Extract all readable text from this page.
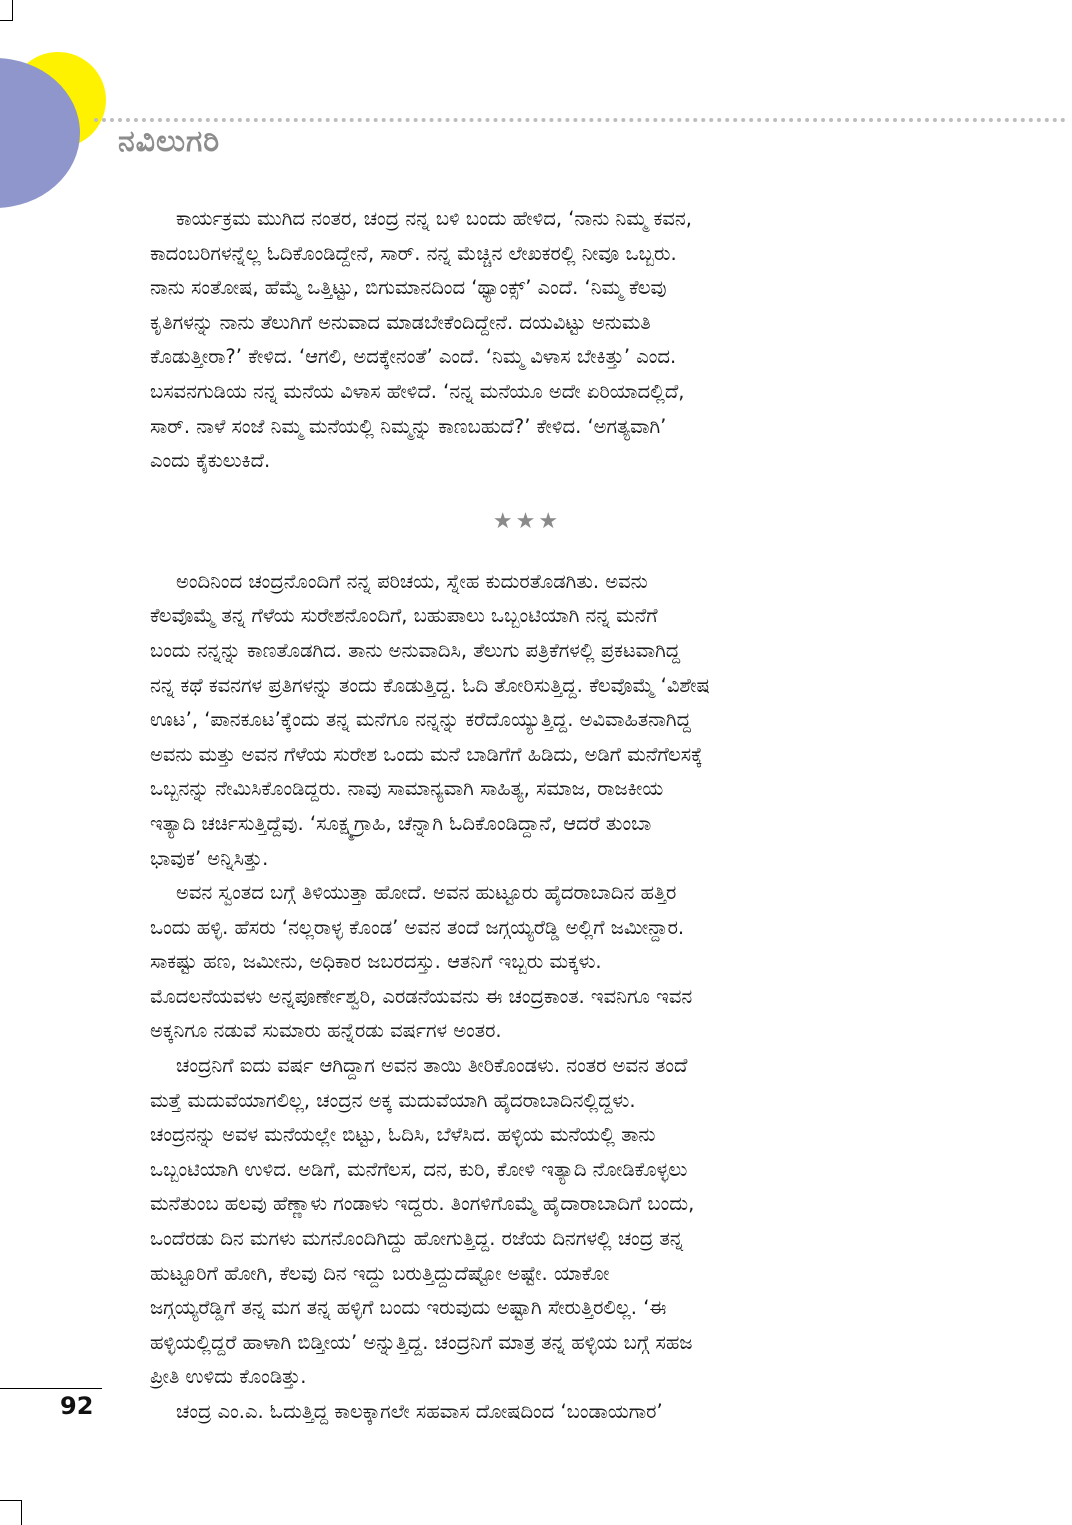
ನವಿಲುಗರಿ
ಕಾರ್ಯಕ್ರಮ ಮುಗಿದ ನಂತರ, ಚಂದ್ರ ನನ್ನ ಬಳಿ ಬಂದು ಹೇಳಿದ, ‘ನಾನು ನಿಮ್ಮ ಕವನ,
ಕಾದಂಬರಿಗಳನ್ನೆಲ್ಲ ಓದಿಕೊಂಡಿದ್ದೇನೆ, ಸಾರ್. ನನ್ನ ಮೆಚ್ಚಿನ ಲೇಖಕರಲ್ಲಿ ನೀವೂ ಒಬ್ಬರು.
ನಾನು ಸಂತೋಷ, ಹೆಮ್ಮೆ ಒತ್ತಿಟ್ಟು, ಬಿಗುಮಾನದಿಂದ ‘ಥ್ಯಾಂಕ್ಸ್’ ಎಂದೆ. ‘ನಿಮ್ಮ ಕೆಲವು
ಕೃತಿಗಳನ್ನು ನಾನು ತೆಲುಗಿಗೆ ಅನುವಾದ ಮಾಡಬೇಕೆಂದಿದ್ದೇನೆ. ದಯವಿಟ್ಟು ಅನುಮತಿ
ಕೊಡುತ್ತೀರಾ?’ ಕೇಳಿದ. ‘ಆಗಲಿ, ಅದಕ್ಕೇನಂತೆ’ ಎಂದೆ. ‘ನಿಮ್ಮ ವಿಳಾಸ ಬೇಕಿತ್ತು’ ಎಂದ.
ಬಸವನಗುಡಿಯ ನನ್ನ ಮನೆಯ ವಿಳಾಸ ಹೇಳಿದೆ. ‘ನನ್ನ ಮನೆಯೂ ಅದೇ ಏರಿಯಾದಲ್ಲಿದೆ,
ಸಾರ್. ನಾಳೆ ಸಂಜೆ ನಿಮ್ಮ ಮನೆಯಲ್ಲಿ ನಿಮ್ಮನ್ನು ಕಾಣಬಹುದೆ?’ ಕೇಳಿದ. ‘ಅಗತ್ಯವಾಗಿ’
ಎಂದು ಕೈಕುಲುಕಿದೆ.
★★★
ಅಂದಿನಿಂದ ಚಂದ್ರನೊಂದಿಗೆ ನನ್ನ ಪರಿಚಯ, ಸ್ನೇಹ ಕುದುರತೊಡಗಿತು. ಅವನು
ಕೆಲವೊಮ್ಮೆ ತನ್ನ ಗೆಳೆಯ ಸುರೇಶನೊಂದಿಗೆ, ಬಹುಪಾಲು ಒಬ್ಬಂಟಿಯಾಗಿ ನನ್ನ ಮನೆಗೆ
ಬಂದು ನನ್ನನ್ನು ಕಾಣತೊಡಗಿದ. ತಾನು ಅನುವಾದಿಸಿ, ತೆಲುಗು ಪತ್ರಿಕೆಗಳಲ್ಲಿ ಪ್ರಕಟವಾಗಿದ್ದ
ನನ್ನ ಕಥೆ ಕವನಗಳ ಪ್ರತಿಗಳನ್ನು ತಂದು ಕೊಡುತ್ತಿದ್ದ. ಓದಿ ತೋರಿಸುತ್ತಿದ್ದ. ಕೆಲವೊಮ್ಮೆ ‘ವಿಶೇಷ
ಊಟ’, ‘ಪಾನಕೂಟ’ಕ್ಕೆಂದು ತನ್ನ ಮನೆಗೂ ನನ್ನನ್ನು ಕರೆದೊಯ್ಯುತ್ತಿದ್ದ. ಅವಿವಾಹಿತನಾಗಿದ್ದ
ಅವನು ಮತ್ತು ಅವನ ಗೆಳೆಯ ಸುರೇಶ ಒಂದು ಮನೆ ಬಾಡಿಗೆಗೆ ಹಿಡಿದು, ಅಡಿಗೆ ಮನೆಗೆಲಸಕ್ಕೆ
ಒಬ್ಬನನ್ನು ನೇಮಿಸಿಕೊಂಡಿದ್ದರು. ನಾವು ಸಾಮಾನ್ಯವಾಗಿ ಸಾಹಿತ್ಯ, ಸಮಾಜ, ರಾಜಕೀಯ
ಇತ್ಯಾದಿ ಚರ್ಚಿಸುತ್ತಿದ್ದೆವು. ‘ಸೂಕ್ಷ್ಮಗ್ರಾಹಿ, ಚೆನ್ನಾಗಿ ಓದಿಕೊಂಡಿದ್ದಾನೆ, ಆದರೆ ತುಂಬಾ
ಭಾವುಕ’ ಅನ್ನಿಸಿತ್ತು.
ಅವನ ಸ್ವಂತದ ಬಗ್ಗೆ ತಿಳಿಯುತ್ತಾ ಹೋದೆ. ಅವನ ಹುಟ್ಟೂರು ಹೈದರಾಬಾದಿನ ಹತ್ತಿರ
ಒಂದು ಹಳ್ಳಿ. ಹೆಸರು ‘ನಲ್ಲರಾಳ್ಳ ಕೊಂಡ’ ಅವನ ತಂದೆ ಜಗ್ಗಯ್ಯರೆಡ್ಡಿ ಅಲ್ಲಿಗೆ ಜಮೀನ್ದಾರ.
ಸಾಕಷ್ಟು ಹಣ, ಜಮೀನು, ಅಧಿಕಾರ ಜಬರದಸ್ತು. ಆತನಿಗೆ ಇಬ್ಬರು ಮಕ್ಕಳು.
ಮೊದಲನೆಯವಳು ಅನ್ನಪೂರ್ಣೇಶ್ವರಿ, ಎರಡನೆಯವನು ಈ ಚಂದ್ರಕಾಂತ. ಇವನಿಗೂ ಇವನ
ಅಕ್ಕನಿಗೂ ನಡುವೆ ಸುಮಾರು ಹನ್ನೆರಡು ವರ್ಷಗಳ ಅಂತರ.
ಚಂದ್ರನಿಗೆ ಐದು ವರ್ಷ ಆಗಿದ್ದಾಗ ಅವನ ತಾಯಿ ತೀರಿಕೊಂಡಳು. ನಂತರ ಅವನ ತಂದೆ
ಮತ್ತೆ ಮದುವೆಯಾಗಲಿಲ್ಲ, ಚಂದ್ರನ ಅಕ್ಕ ಮದುವೆಯಾಗಿ ಹೈದರಾಬಾದಿನಲ್ಲಿದ್ದಳು.
ಚಂದ್ರನನ್ನು ಅವಳ ಮನೆಯಲ್ಲೇ ಬಿಟ್ಟು, ಓದಿಸಿ, ಬೆಳೆಸಿದ. ಹಳ್ಳಿಯ ಮನೆಯಲ್ಲಿ ತಾನು
ಒಬ್ಬಂಟಿಯಾಗಿ ಉಳಿದ. ಅಡಿಗೆ, ಮನೆಗೆಲಸ, ದನ, ಕುರಿ, ಕೋಳಿ ಇತ್ಯಾದಿ ನೋಡಿಕೊಳ್ಳಲು
ಮನೆತುಂಬ ಹಲವು ಹೆಣ್ಣಾಳು ಗಂಡಾಳು ಇದ್ದರು. ತಿಂಗಳಿಗೊಮ್ಮೆ ಹೈದಾರಾಬಾದಿಗೆ ಬಂದು,
ಒಂದೆರಡು ದಿನ ಮಗಳು ಮಗನೊಂದಿಗಿದ್ದು ಹೋಗುತ್ತಿದ್ದ. ರಜೆಯ ದಿನಗಳಲ್ಲಿ ಚಂದ್ರ ತನ್ನ
ಹುಟ್ಟೂರಿಗೆ ಹೋಗಿ, ಕೆಲವು ದಿನ ಇದ್ದು ಬರುತ್ತಿದ್ದುದೆಷ್ಟೋ ಅಷ್ಟೇ. ಯಾಕೋ
ಜಗ್ಗಯ್ಯರೆಡ್ಡಿಗೆ ತನ್ನ ಮಗ ತನ್ನ ಹಳ್ಳಿಗೆ ಬಂದು ಇರುವುದು ಅಷ್ಟಾಗಿ ಸೇರುತ್ತಿರಲಿಲ್ಲ. ‘ಈ
ಹಳ್ಳಿಯಲ್ಲಿದ್ದರೆ ಹಾಳಾಗಿ ಬಿಡ್ತೀಯ’ ಅನ್ನುತ್ತಿದ್ದ. ಚಂದ್ರನಿಗೆ ಮಾತ್ರ ತನ್ನ ಹಳ್ಳಿಯ ಬಗ್ಗೆ ಸಹಜ
ಪ್ರೀತಿ ಉಳಿದು ಕೊಂಡಿತ್ತು.
ಚಂದ್ರ ಎಂ.ಎ. ಓದುತ್ತಿದ್ದ ಕಾಲಕ್ಕಾಗಲೇ ಸಹವಾಸ ದೋಷದಿಂದ ‘ಬಂಡಾಯಗಾರ’
92
